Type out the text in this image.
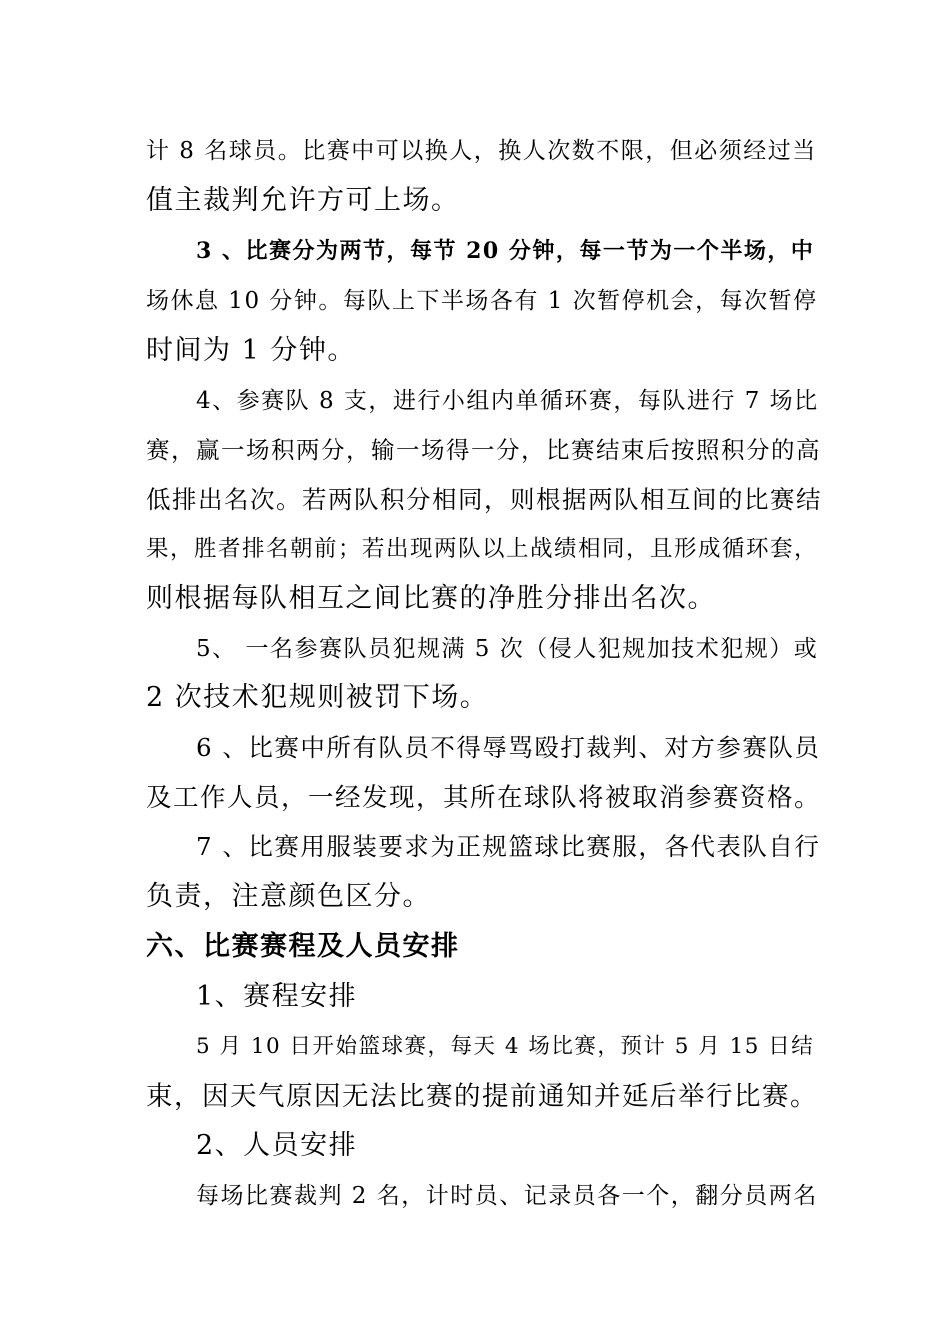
计 8 名球员。比赛中可以换人，换人次数不限，但必须经过当
值主裁判允许方可上场。
3 、比赛分为两节，每节 20 分钟，每一节为一个半场，中
场休息 10 分钟。每队上下半场各有 1 次暂停机会，每次暂停
时间为 1 分钟。
4、参赛队 8 支，进行小组内单循环赛，每队进行 7 场比
赛，赢一场积两分，输一场得一分，比赛结束后按照积分的高
低排出名次。若两队积分相同，则根据两队相互间的比赛结
果，胜者排名朝前；若出现两队以上战绩相同，且形成循环套，
则根据每队相互之间比赛的净胜分排出名次。
5、 一名参赛队员犯规满 5 次（侵人犯规加技术犯规）或
2 次技术犯规则被罚下场。
6 、比赛中所有队员不得辱骂殴打裁判、对方参赛队员
及工作人员，一经发现，其所在球队将被取消参赛资格。
7 、比赛用服装要求为正规篮球比赛服，各代表队自行
负责，注意颜色区分。
六、比赛赛程及人员安排
1、赛程安排
5 月 10 日开始篮球赛，每天 4 场比赛，预计 5 月 15 日结
束，因天气原因无法比赛的提前通知并延后举行比赛。
2、人员安排
每场比赛裁判 2 名，计时员、记录员各一个，翻分员两名
